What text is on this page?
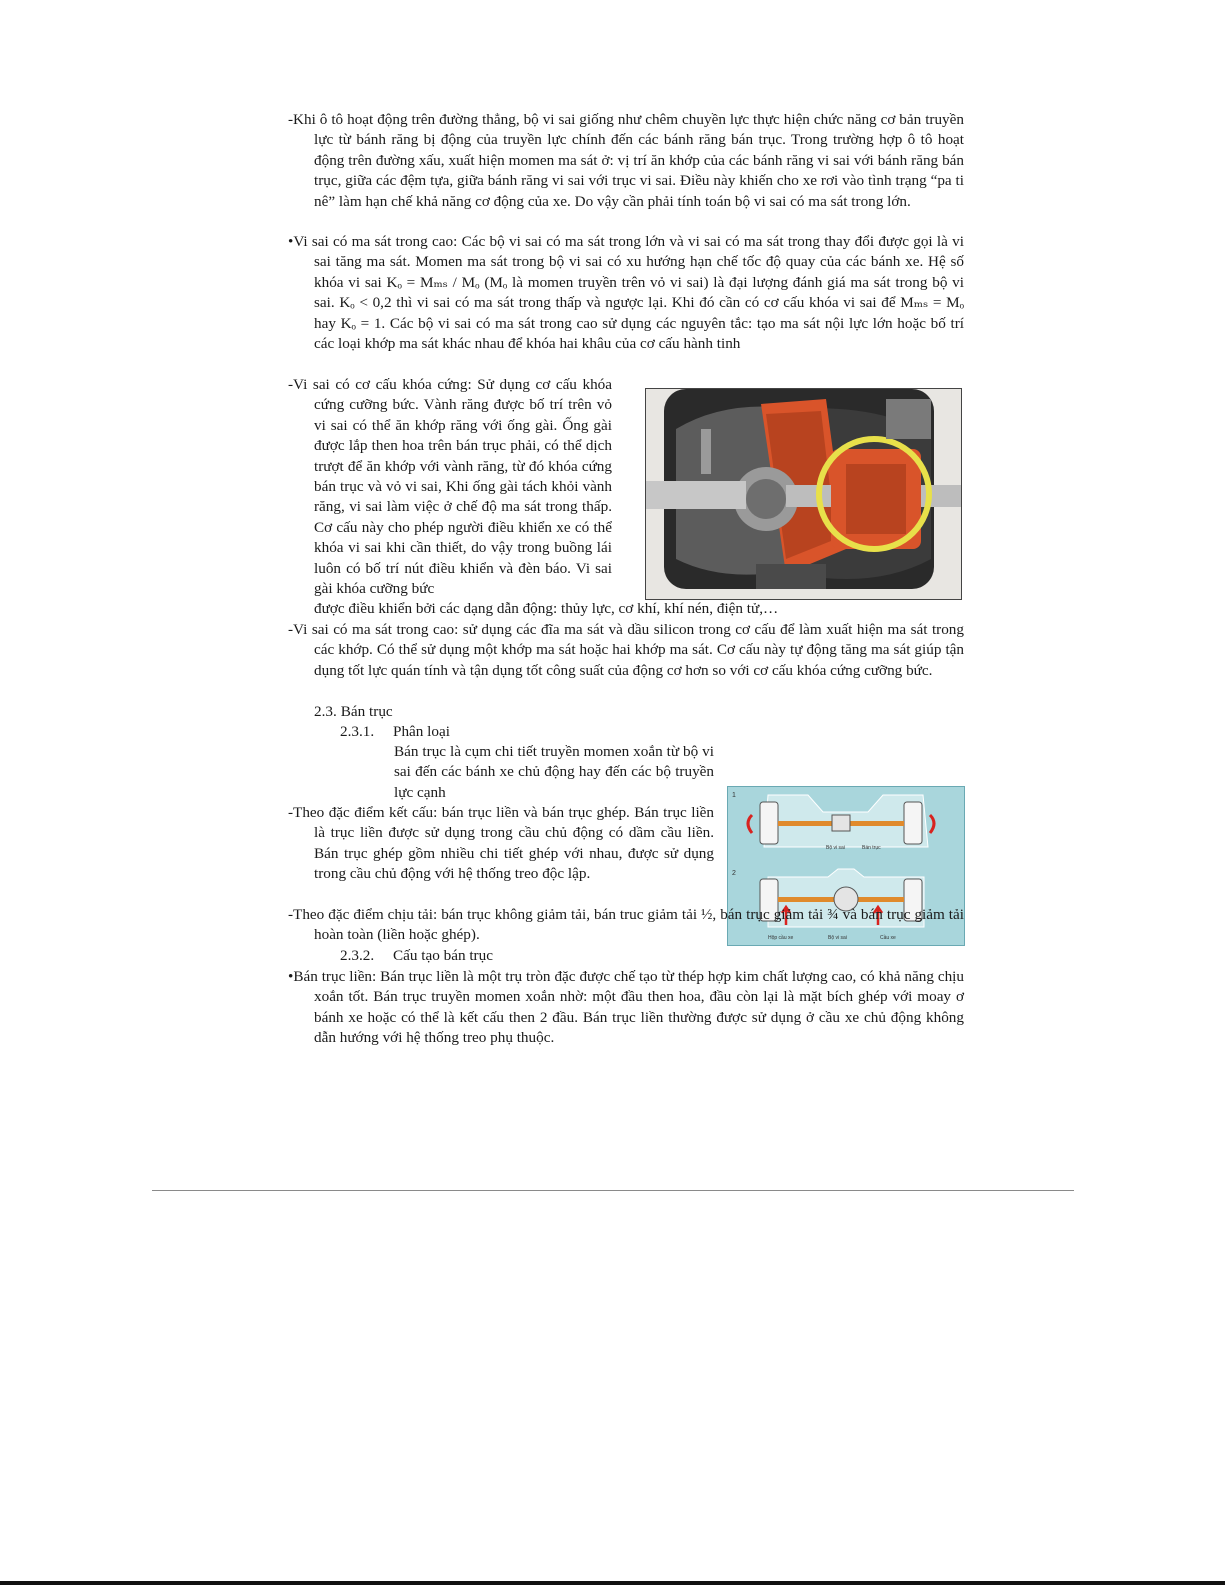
-Khi ô tô hoạt động trên đường thẳng, bộ vi sai giống như chêm chuyền lực thực hiện chức năng cơ bản truyền lực từ bánh răng bị động của truyền lực chính đến các bánh răng bán trục. Trong trường hợp ô tô hoạt động trên đường xấu, xuất hiện momen ma sát ở: vị trí ăn khớp của các bánh răng vi sai với bánh răng bán trục, giữa các đệm tựa, giữa bánh răng vi sai với trục vi sai. Điều này khiến cho xe rơi vào tình trạng “pa ti nê” làm hạn chế khả năng cơ động của xe. Do vậy cần phải tính toán bộ vi sai có ma sát trong lớn.
•Vi sai có ma sát trong cao: Các bộ vi sai có ma sát trong lớn và vi sai có ma sát trong thay đổi được gọi là vi sai tăng ma sát. Momen ma sát trong bộ vi sai có xu hướng hạn chế tốc độ quay của các bánh xe. Hệ số khóa vi sai Kₒ = Mₘₛ / Mₒ (Mₒ là momen truyền trên vỏ vi sai) là đại lượng đánh giá ma sát trong bộ vi sai. Kₒ < 0,2 thì vi sai có ma sát trong thấp và ngược lại. Khi đó cần có cơ cấu khóa vi sai để Mₘₛ = Mₒ hay Kₒ = 1. Các bộ vi sai có ma sát trong cao sử dụng các nguyên tắc: tạo ma sát nội lực lớn hoặc bố trí các loại khớp ma sát khác nhau để khóa hai khâu của cơ cấu hành tinh
-Vi sai có cơ cấu khóa cứng: Sử dụng cơ cấu khóa cứng cưỡng bức. Vành răng được bố trí trên vỏ vi sai có thể ăn khớp răng với ống gài. Ống gài được lắp then hoa trên bán trục phải, có thể dịch trượt để ăn khớp với vành răng, từ đó khóa cứng bán trục và vỏ vi sai, Khi ống gài tách khỏi vành răng, vi sai làm việc ở chế độ ma sát trong thấp. Cơ cấu này cho phép người điều khiển xe có thể khóa vi sai khi cần thiết, do vậy trong buồng lái luôn có bố trí nút điều khiển và đèn báo. Vi sai gài khóa cưỡng bức
được điều khiển bởi các dạng dẫn động: thủy lực, cơ khí, khí nén, điện tử,…
-Vi sai có ma sát trong cao: sử dụng các đĩa ma sát và dầu silicon trong cơ cấu để làm xuất hiện ma sát trong các khớp. Có thể sử dụng một khớp ma sát hoặc hai khớp ma sát. Cơ cấu này tự động tăng ma sát giúp tận dụng tốt lực quán tính và tận dụng tốt công suất của động cơ hơn so với cơ cấu khóa cứng cưỡng bức.
2.3. Bán trục
2.3.1. Phân loại
Bán trục là cụm chi tiết truyền momen xoắn từ bộ vi sai đến các bánh xe chủ động hay đến các bộ truyền lực cạnh
-Theo đặc điểm kết cấu: bán trục liền và bán trục ghép. Bán trục liền là trục liền được sử dụng trong cầu chủ động có dầm cầu liền. Bán trục ghép gồm nhiều chi tiết ghép với nhau, được sử dụng trong cầu chủ động với hệ thống treo độc lập.
1
Bộ vi sai	Bán trục
2
Hộp cầu xe	Bộ vi sai	Cầu xe
-Theo đặc điểm chịu tải: bán trục không giảm tải, bán truc giảm tải ½, bán trục giảm tải ¾ và bán trục giảm tải hoàn toàn (liền hoặc ghép).
2.3.2. Cấu tạo bán trục
•Bán trục liền: Bán trục liền là một trụ tròn đặc được chế tạo từ thép hợp kim chất lượng cao, có khả năng chịu xoắn tốt. Bán trục truyền momen xoắn nhờ: một đầu then hoa, đầu còn lại là mặt bích ghép với moay ơ bánh xe hoặc có thể là kết cấu then 2 đầu. Bán trục liền thường được sử dụng ở cầu xe chủ động không dẫn hướng với hệ thống treo phụ thuộc.
